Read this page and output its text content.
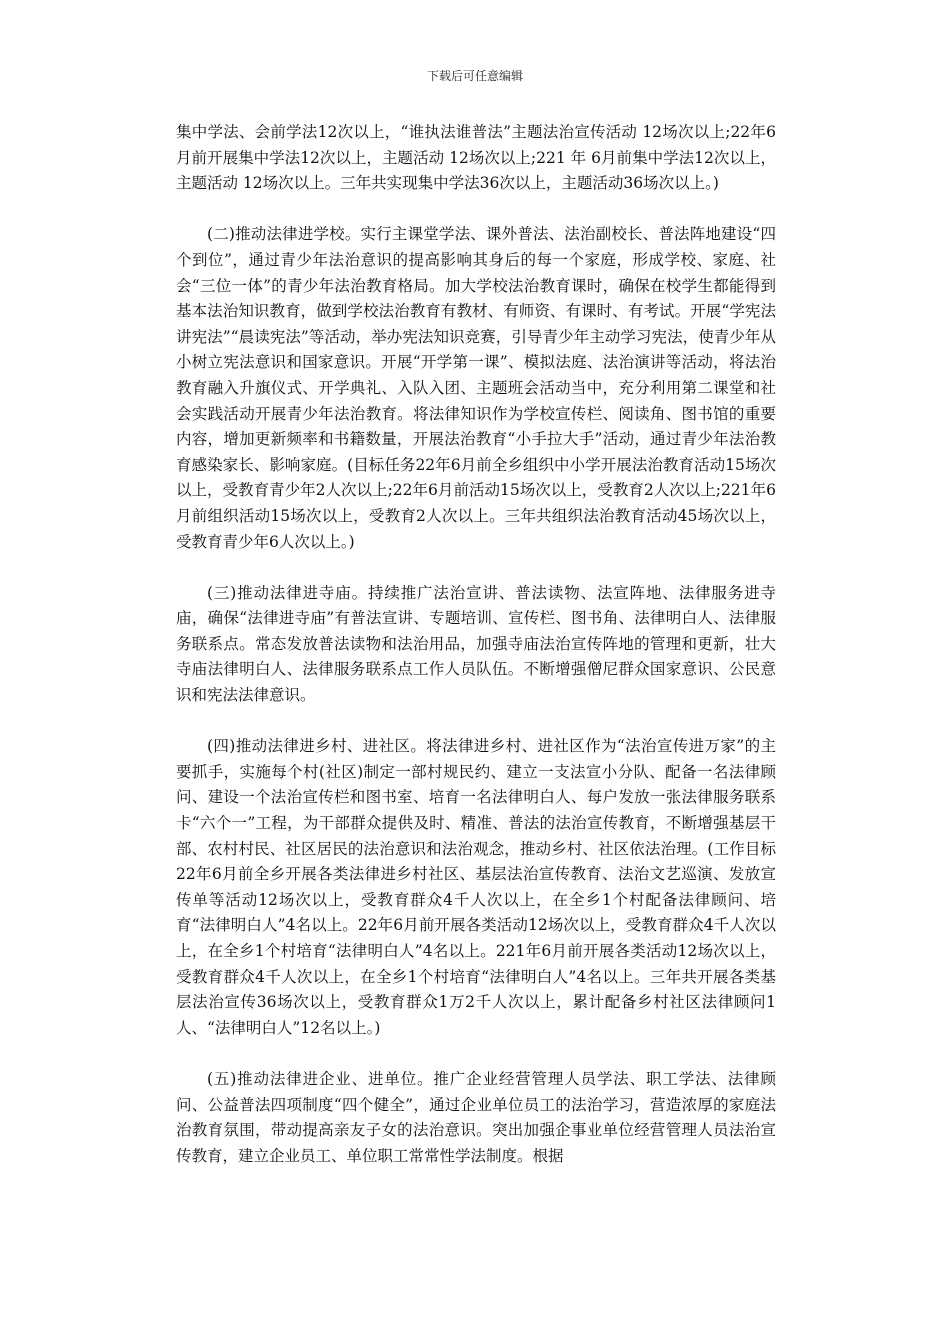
下载后可任意编辑

集中学法、会前学法12次以上，“谁执法谁普法”主题法治宣传活动 12场次以上;22年6月前开展集中学法12次以上，主题活动 12场次以上;221 年 6月前集中学法12次以上，主题活动 12场次以上。三年共实现集中学法36次以上，主题活动36场次以上。)

(二)推动法律进学校。实行主课堂学法、课外普法、法治副校长、普法阵地建设“四个到位”，通过青少年法治意识的提高影响其身后的每一个家庭，形成学校、家庭、社会“三位一体”的青少年法治教育格局。加大学校法治教育课时，确保在校学生都能得到基本法治知识教育，做到学校法治教育有教材、有师资、有课时、有考试。开展“学宪法讲宪法”“晨读宪法”等活动，举办宪法知识竞赛，引导青少年主动学习宪法，使青少年从小树立宪法意识和国家意识。开展“开学第一课”、模拟法庭、法治演讲等活动，将法治教育融入升旗仪式、开学典礼、入队入团、主题班会活动当中，充分利用第二课堂和社会实践活动开展青少年法治教育。将法律知识作为学校宣传栏、阅读角、图书馆的重要内容，增加更新频率和书籍数量，开展法治教育“小手拉大手”活动，通过青少年法治教育感染家长、影响家庭。(目标任务22年6月前全乡组织中小学开展法治教育活动15场次以上，受教育青少年2人次以上;22年6月前活动15场次以上，受教育2人次以上;221年6月前组织活动15场次以上，受教育2人次以上。三年共组织法治教育活动45场次以上，受教育青少年6人次以上。)

(三)推动法律进寺庙。持续推广法治宣讲、普法读物、法宣阵地、法律服务进寺庙，确保“法律进寺庙”有普法宣讲、专题培训、宣传栏、图书角、法律明白人、法律服务联系点。常态发放普法读物和法治用品，加强寺庙法治宣传阵地的管理和更新，壮大寺庙法律明白人、法律服务联系点工作人员队伍。不断增强僧尼群众国家意识、公民意识和宪法法律意识。

(四)推动法律进乡村、进社区。将法律进乡村、进社区作为“法治宣传进万家”的主要抓手，实施每个村(社区)制定一部村规民约、建立一支法宣小分队、配备一名法律顾问、建设一个法治宣传栏和图书室、培育一名法律明白人、每户发放一张法律服务联系卡“六个一”工程，为干部群众提供及时、精准、普法的法治宣传教育，不断增强基层干部、农村村民、社区居民的法治意识和法治观念，推动乡村、社区依法治理。(工作目标22年6月前全乡开展各类法律进乡村社区、基层法治宣传教育、法治文艺巡演、发放宣传单等活动12场次以上，受教育群众4千人次以上，在全乡1个村配备法律顾问、培育“法律明白人”4名以上。22年6月前开展各类活动12场次以上，受教育群众4千人次以上，在全乡1个村培育“法律明白人”4名以上。221年6月前开展各类活动12场次以上，受教育群众4千人次以上，在全乡1个村培育“法律明白人”4名以上。三年共开展各类基层法治宣传36场次以上，受教育群众1万2千人次以上，累计配备乡村社区法律顾问1人、“法律明白人”12名以上。)

(五)推动法律进企业、进单位。推广企业经营管理人员学法、职工学法、法律顾问、公益普法四项制度“四个健全”，通过企业单位员工的法治学习，营造浓厚的家庭法治教育氛围，带动提高亲友子女的法治意识。突出加强企事业单位经营管理人员法治宣传教育，建立企业员工、单位职工常常性学法制度。根据
